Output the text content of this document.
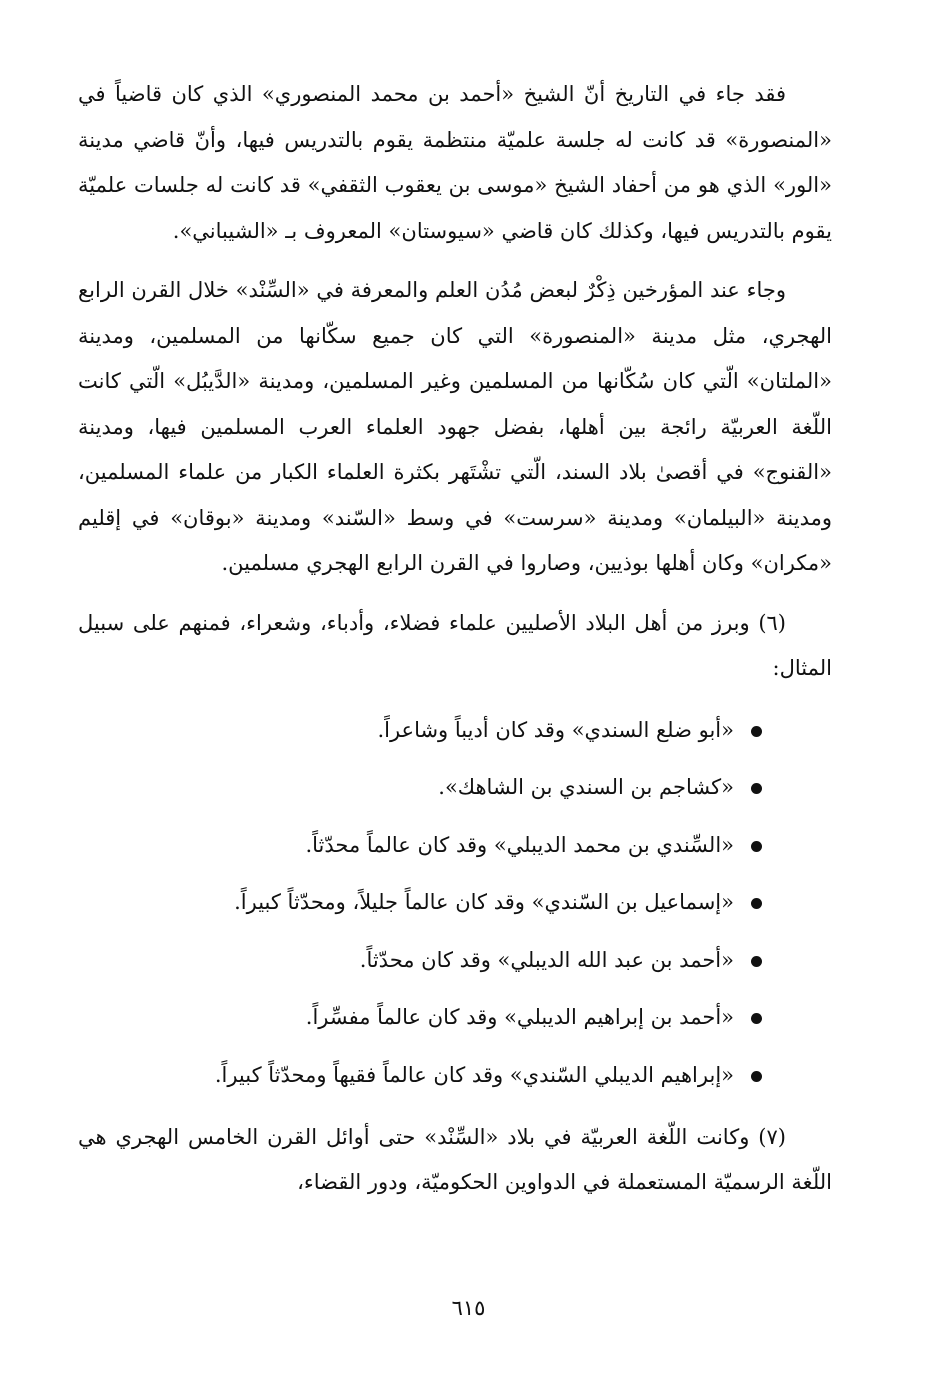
فقد جاء في التاريخ أنّ الشيخ «أحمد بن محمد المنصوري» الذي كان قاضياً في «المنصورة» قد كانت له جلسة علميّة منتظمة يقوم بالتدريس فيها، وأنّ قاضي مدينة «الور» الذي هو من أحفاد الشيخ «موسى بن يعقوب الثقفي» قد كانت له جلسات علميّة يقوم بالتدريس فيها، وكذلك كان قاضي «سيوستان» المعروف بـ «الشيباني».

وجاء عند المؤرخين ذِكْرٌ لبعض مُدُن العلم والمعرفة في «السِّنْد» خلال القرن الرابع الهجري، مثل مدينة «المنصورة» التي كان جميع سكّانها من المسلمين، ومدينة «الملتان» الّتي كان سُكّانها من المسلمين وغير المسلمين، ومدينة «الدَّيبُل» الّتي كانت اللّغة العربيّة رائجة بين أهلها، بفضل جهود العلماء العرب المسلمين فيها، ومدينة «القنوج» في أقصىٰ بلاد السند، الّتي تشْتَهر بكثرة العلماء الكبار من علماء المسلمين، ومدينة «البيلمان» ومدينة «سرست» في وسط «السّند» ومدينة «بوقان» في إقليم «مكران» وكان أهلها بوذيين، وصاروا في القرن الرابع الهجري مسلمين.

(٦) وبرز من أهل البلاد الأصليين علماء فضلاء، وأدباء، وشعراء، فمنهم على سبيل المثال:

«أبو ضلع السندي» وقد كان أديباً وشاعراً.
«كشاجم بن السندي بن الشاهك».
«السِّندي بن محمد الديبلي» وقد كان عالماً محدّثاً.
«إسماعيل بن السّندي» وقد كان عالماً جليلاً، ومحدّثاً كبيراً.
«أحمد بن عبد الله الديبلي» وقد كان محدّثاً.
«أحمد بن إبراهيم الديبلي» وقد كان عالماً مفسِّراً.
«إبراهيم الديبلي السّندي» وقد كان عالماً فقيهاً ومحدّثاً كبيراً.

(٧) وكانت اللّغة العربيّة في بلاد «السِّنْد» حتى أوائل القرن الخامس الهجري هي اللّغة الرسميّة المستعملة في الدواوين الحكوميّة، ودور القضاء،

٦١٥
